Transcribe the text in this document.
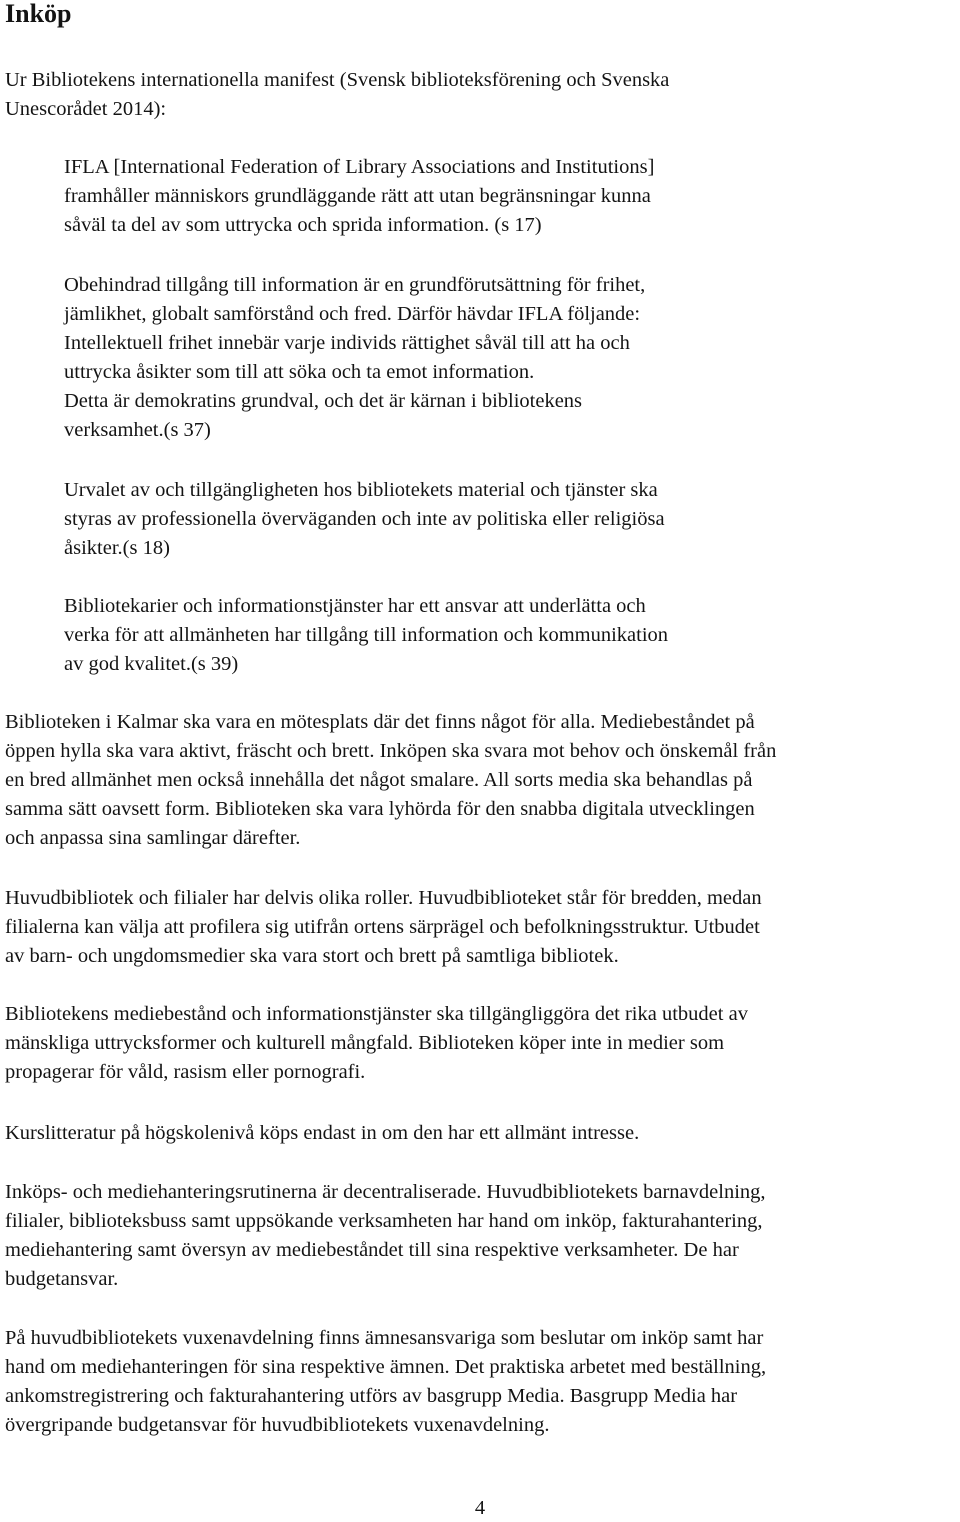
Inköp

Ur Bibliotekens internationella manifest (Svensk biblioteksförening och Svenska
Unescorådet 2014):

IFLA [International Federation of Library Associations and Institutions]
framhåller människors grundläggande rätt att utan begränsningar kunna
såväl ta del av som uttrycka och sprida information. (s 17)

Obehindrad tillgång till information är en grundförutsättning för frihet,
jämlikhet, globalt samförstånd och fred. Därför hävdar IFLA följande:
Intellektuell frihet innebär varje individs rättighet såväl till att ha och
uttrycka åsikter som till att söka och ta emot information.
Detta är demokratins grundval, och det är kärnan i bibliotekens
verksamhet.(s 37)

Urvalet av och tillgängligheten hos bibliotekets material och tjänster ska
styras av professionella överväganden och inte av politiska eller religiösa
åsikter.(s 18)

Bibliotekarier och informationstjänster har ett ansvar att underlätta och
verka för att allmänheten har tillgång till information och kommunikation
av god kvalitet.(s 39)

Biblioteken i Kalmar ska vara en mötesplats där det finns något för alla. Mediebeståndet på
öppen hylla ska vara aktivt, fräscht och brett. Inköpen ska svara mot behov och önskemål från
en bred allmänhet men också innehålla det något smalare. All sorts media ska behandlas på
samma sätt oavsett form. Biblioteken ska vara lyhörda för den snabba digitala utvecklingen
och anpassa sina samlingar därefter.

Huvudbibliotek och filialer har delvis olika roller. Huvudbiblioteket står för bredden, medan
filialerna kan välja att profilera sig utifrån ortens särprägel och befolkningsstruktur. Utbudet
av barn- och ungdomsmedier ska vara stort och brett på samtliga bibliotek.

Bibliotekens mediebestånd och informationstjänster ska tillgängliggöra det rika utbudet av
mänskliga uttrycksformer och kulturell mångfald. Biblioteken köper inte in medier som
propagerar för våld, rasism eller pornografi.

Kurslitteratur på högskolenivå köps endast in om den har ett allmänt intresse.

Inköps- och mediehanteringsrutinerna är decentraliserade. Huvudbibliotekets barnavdelning,
filialer, biblioteksbuss samt uppsökande verksamheten har hand om inköp, fakturahantering,
mediehantering samt översyn av mediebeståndet till sina respektive verksamheter. De har
budgetansvar.

På huvudbibliotekets vuxenavdelning finns ämnesansvariga som beslutar om inköp samt har
hand om mediehanteringen för sina respektive ämnen. Det praktiska arbetet med beställning,
ankomstregistrering och fakturahantering utförs av basgrupp Media. Basgrupp Media har
övergripande budgetansvar för huvudbibliotekets vuxenavdelning.

4
